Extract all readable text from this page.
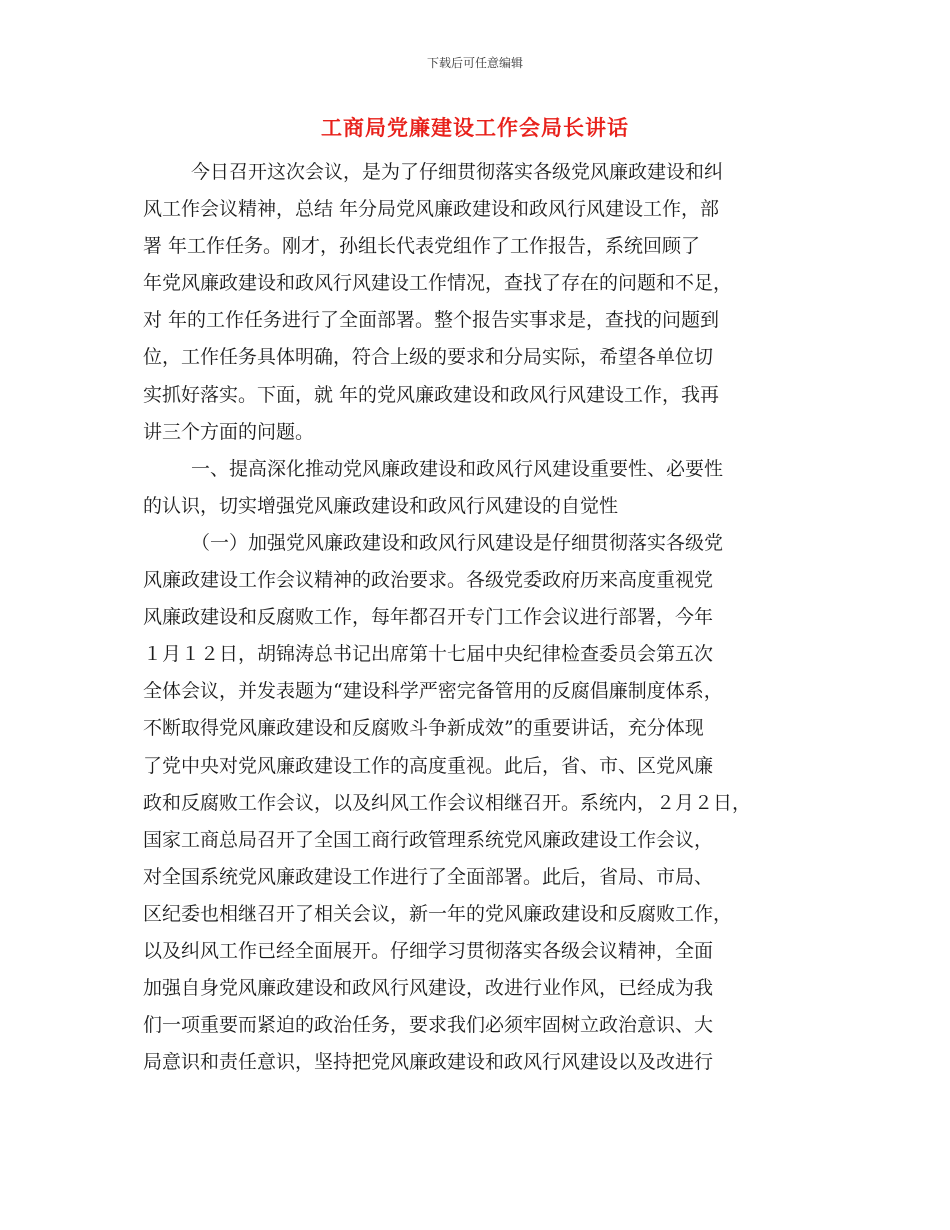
下载后可任意编辑
工商局党廉建设工作会局长讲话
今日召开这次会议，是为了仔细贯彻落实各级党风廉政建设和纠
风工作会议精神，总结 年分局党风廉政建设和政风行风建设工作，部
署 年工作任务。刚才，孙组长代表党组作了工作报告，系统回顾了
年党风廉政建设和政风行风建设工作情况，查找了存在的问题和不足，
对 年的工作任务进行了全面部署。整个报告实事求是，查找的问题到
位，工作任务具体明确，符合上级的要求和分局实际，希望各单位切
实抓好落实。下面，就 年的党风廉政建设和政风行风建设工作，我再
讲三个方面的问题。
一、提高深化推动党风廉政建设和政风行风建设重要性、必要性
的认识，切实增强党风廉政建设和政风行风建设的自觉性
（一）加强党风廉政建设和政风行风建设是仔细贯彻落实各级党
风廉政建设工作会议精神的政治要求。各级党委政府历来高度重视党
风廉政建设和反腐败工作，每年都召开专门工作会议进行部署，今年
１月１２日，胡锦涛总书记出席第十七届中央纪律检查委员会第五次
全体会议，并发表题为“建设科学严密完备管用的反腐倡廉制度体系，
不断取得党风廉政建设和反腐败斗争新成效”的重要讲话，充分体现
了党中央对党风廉政建设工作的高度重视。此后，省、市、区党风廉
政和反腐败工作会议，以及纠风工作会议相继召开。系统内，２月２日，
国家工商总局召开了全国工商行政管理系统党风廉政建设工作会议，
对全国系统党风廉政建设工作进行了全面部署。此后，省局、市局、
区纪委也相继召开了相关会议，新一年的党风廉政建设和反腐败工作，
以及纠风工作已经全面展开。仔细学习贯彻落实各级会议精神，全面
加强自身党风廉政建设和政风行风建设，改进行业作风，已经成为我
们一项重要而紧迫的政治任务，要求我们必须牢固树立政治意识、大
局意识和责任意识，坚持把党风廉政建设和政风行风建设以及改进行
